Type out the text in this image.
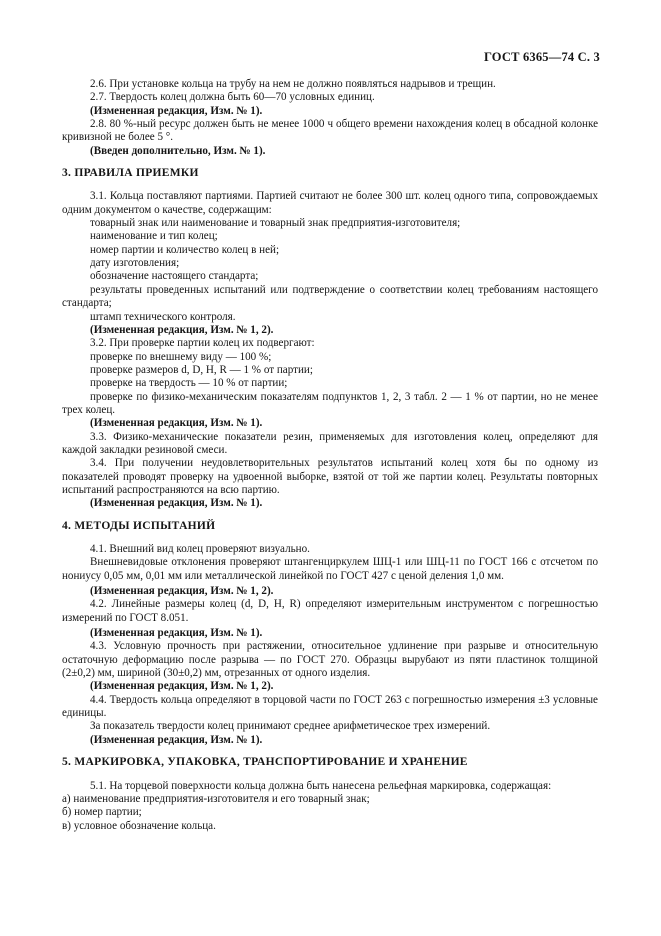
ГОСТ 6365—74 С. 3

2.6. При установке кольца на трубу на нем не должно появляться надрывов и трещин.

2.7. Твердость колец должна быть 60—70 условных единиц.

(Измененная редакция, Изм. № 1).

2.8. 80 %-ный ресурс должен быть не менее 1000 ч общего времени нахождения колец в обсадной колонке кривизной не более 5 °.

(Введен дополнительно, Изм. № 1).

3. ПРАВИЛА ПРИЕМКИ

3.1. Кольца поставляют партиями. Партией считают не более 300 шт. колец одного типа, сопровождаемых одним документом о качестве, содержащим:

товарный знак или наименование и товарный знак предприятия-изготовителя;

наименование и тип колец;

номер партии и количество колец в ней;

дату изготовления;

обозначение настоящего стандарта;

результаты проведенных испытаний или подтверждение о соответствии колец требованиям настоящего стандарта;

штамп технического контроля.

(Измененная редакция, Изм. № 1, 2).

3.2. При проверке партии колец их подвергают:

проверке по внешнему виду — 100 %;

проверке размеров d, D, H, R — 1 % от партии;

проверке на твердость — 10 % от партии;

проверке по физико-механическим показателям подпунктов 1, 2, 3 табл. 2 — 1 % от партии, но не менее трех колец.

(Измененная редакция, Изм. № 1).

3.3. Физико-механические показатели резин, применяемых для изготовления колец, определяют для каждой закладки резиновой смеси.

3.4. При получении неудовлетворительных результатов испытаний колец хотя бы по одному из показателей проводят проверку на удвоенной выборке, взятой от той же партии колец. Результаты повторных испытаний распространяются на всю партию.

(Измененная редакция, Изм. № 1).

4. МЕТОДЫ ИСПЫТАНИЙ

4.1. Внешний вид колец проверяют визуально.

Внешневидовые отклонения проверяют штангенциркулем ШЦ-1 или ШЦ-11 по ГОСТ 166 с отсчетом по нониусу 0,05 мм, 0,01 мм или металлической линейкой по ГОСТ 427 с ценой деления 1,0 мм.

(Измененная редакция, Изм. № 1, 2).

4.2. Линейные размеры колец (d, D, H, R) определяют измерительным инструментом с погрешностью измерений по ГОСТ 8.051.

(Измененная редакция, Изм. № 1).

4.3. Условную прочность при растяжении, относительное удлинение при разрыве и относительную остаточную деформацию после разрыва — по ГОСТ 270. Образцы вырубают из пяти пластинок толщиной (2±0,2) мм, шириной (30±0,2) мм, отрезанных от одного изделия.

(Измененная редакция, Изм. № 1, 2).

4.4. Твердость кольца определяют в торцовой части по ГОСТ 263 с погрешностью измерения ±3 условные единицы.

За показатель твердости колец принимают среднее арифметическое трех измерений.

(Измененная редакция, Изм. № 1).

5. МАРКИРОВКА, УПАКОВКА, ТРАНСПОРТИРОВАНИЕ И ХРАНЕНИЕ

5.1. На торцевой поверхности кольца должна быть нанесена рельефная маркировка, содержащая:

а) наименование предприятия-изготовителя и его товарный знак;

б) номер партии;

в) условное обозначение кольца.
